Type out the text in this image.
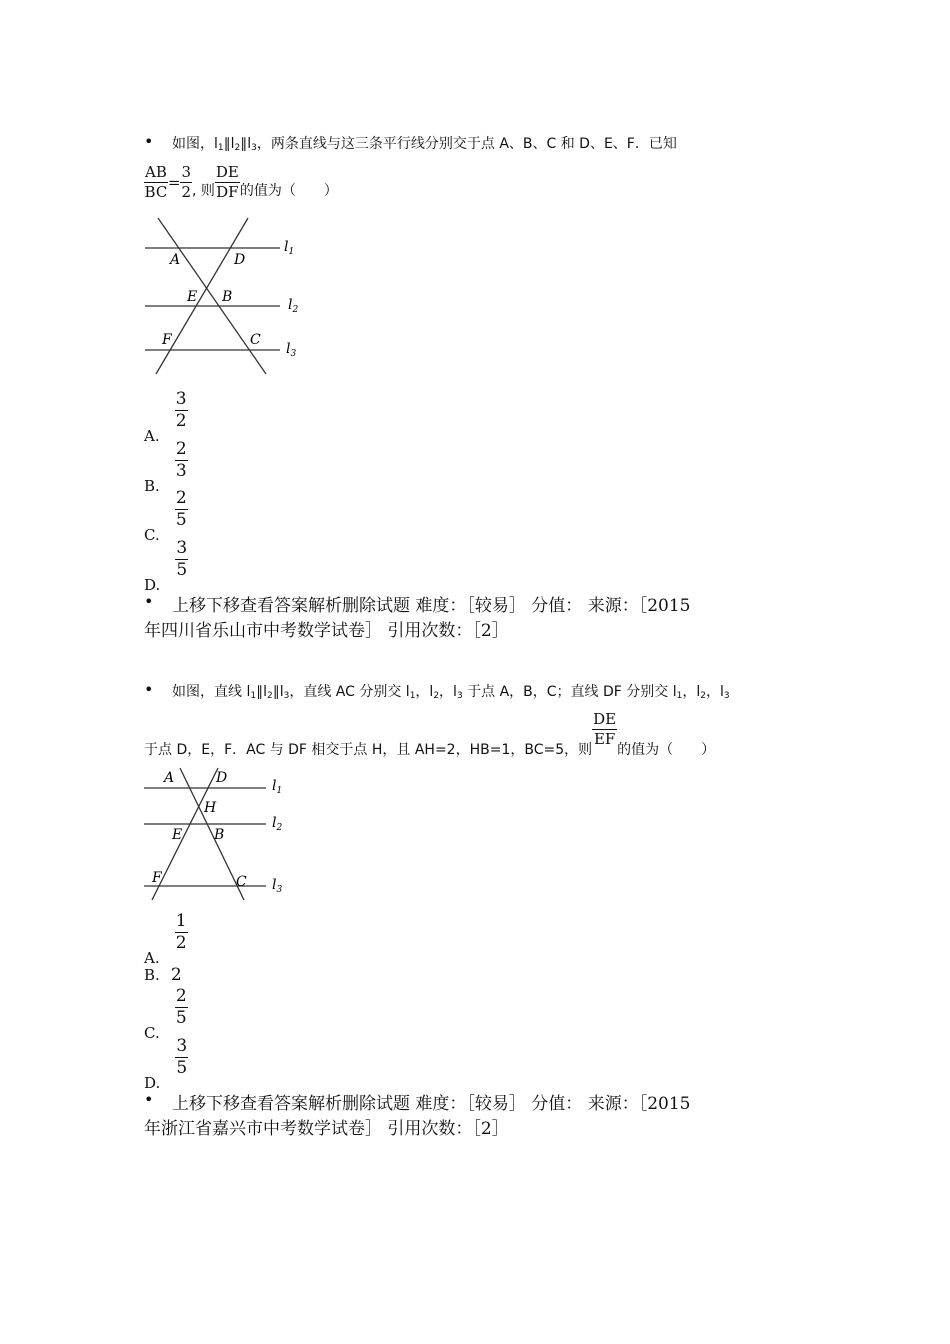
• 如图，$l_1\parallel l_2\parallel l_3$，两条直线与这三条平行线分别交于点 A、B、C 和 D、E、F．已知
$\frac{AB}{BC} = \frac{3}{2}$ , 则 $\frac{DE}{DF}$ 的值为（　　）
A	D
E B
F	C
$l_1$
$l_2$
$l_3$
A.
$\frac{3}{2}$
B.
$\frac{2}{3}$
C.
$\frac{2}{5}$
D.
$\frac{3}{5}$
• 上移下移查看答案解析删除试题 难度：［较易］ 分值： 来源：［2015
年四川省乐山市中考数学试卷］ 引用次数：［2］
• 如图，直线 $l_1\parallel l_2\parallel l_3$，直线 AC 分别交 $l_1$，$l_2$，$l_3$ 于点 A，B，C；直线 DF 分别交 $l_1$，$l_2$，$l_3$
于点 D，E，F．AC 与 DF 相交于点 H，且 AH=2，HB=1，BC=5，则
$\frac{DE}{EF}$
的值为（　　）
A	D
H
E B
F	C
$l_1$
$l_2$
$l_3$
A.
$\frac{1}{2}$
B. 2
C.
$\frac{2}{5}$
D.
$\frac{3}{5}$
• 上移下移查看答案解析删除试题 难度：［较易］ 分值： 来源：［2015
年浙江省嘉兴市中考数学试卷］ 引用次数：［2］
